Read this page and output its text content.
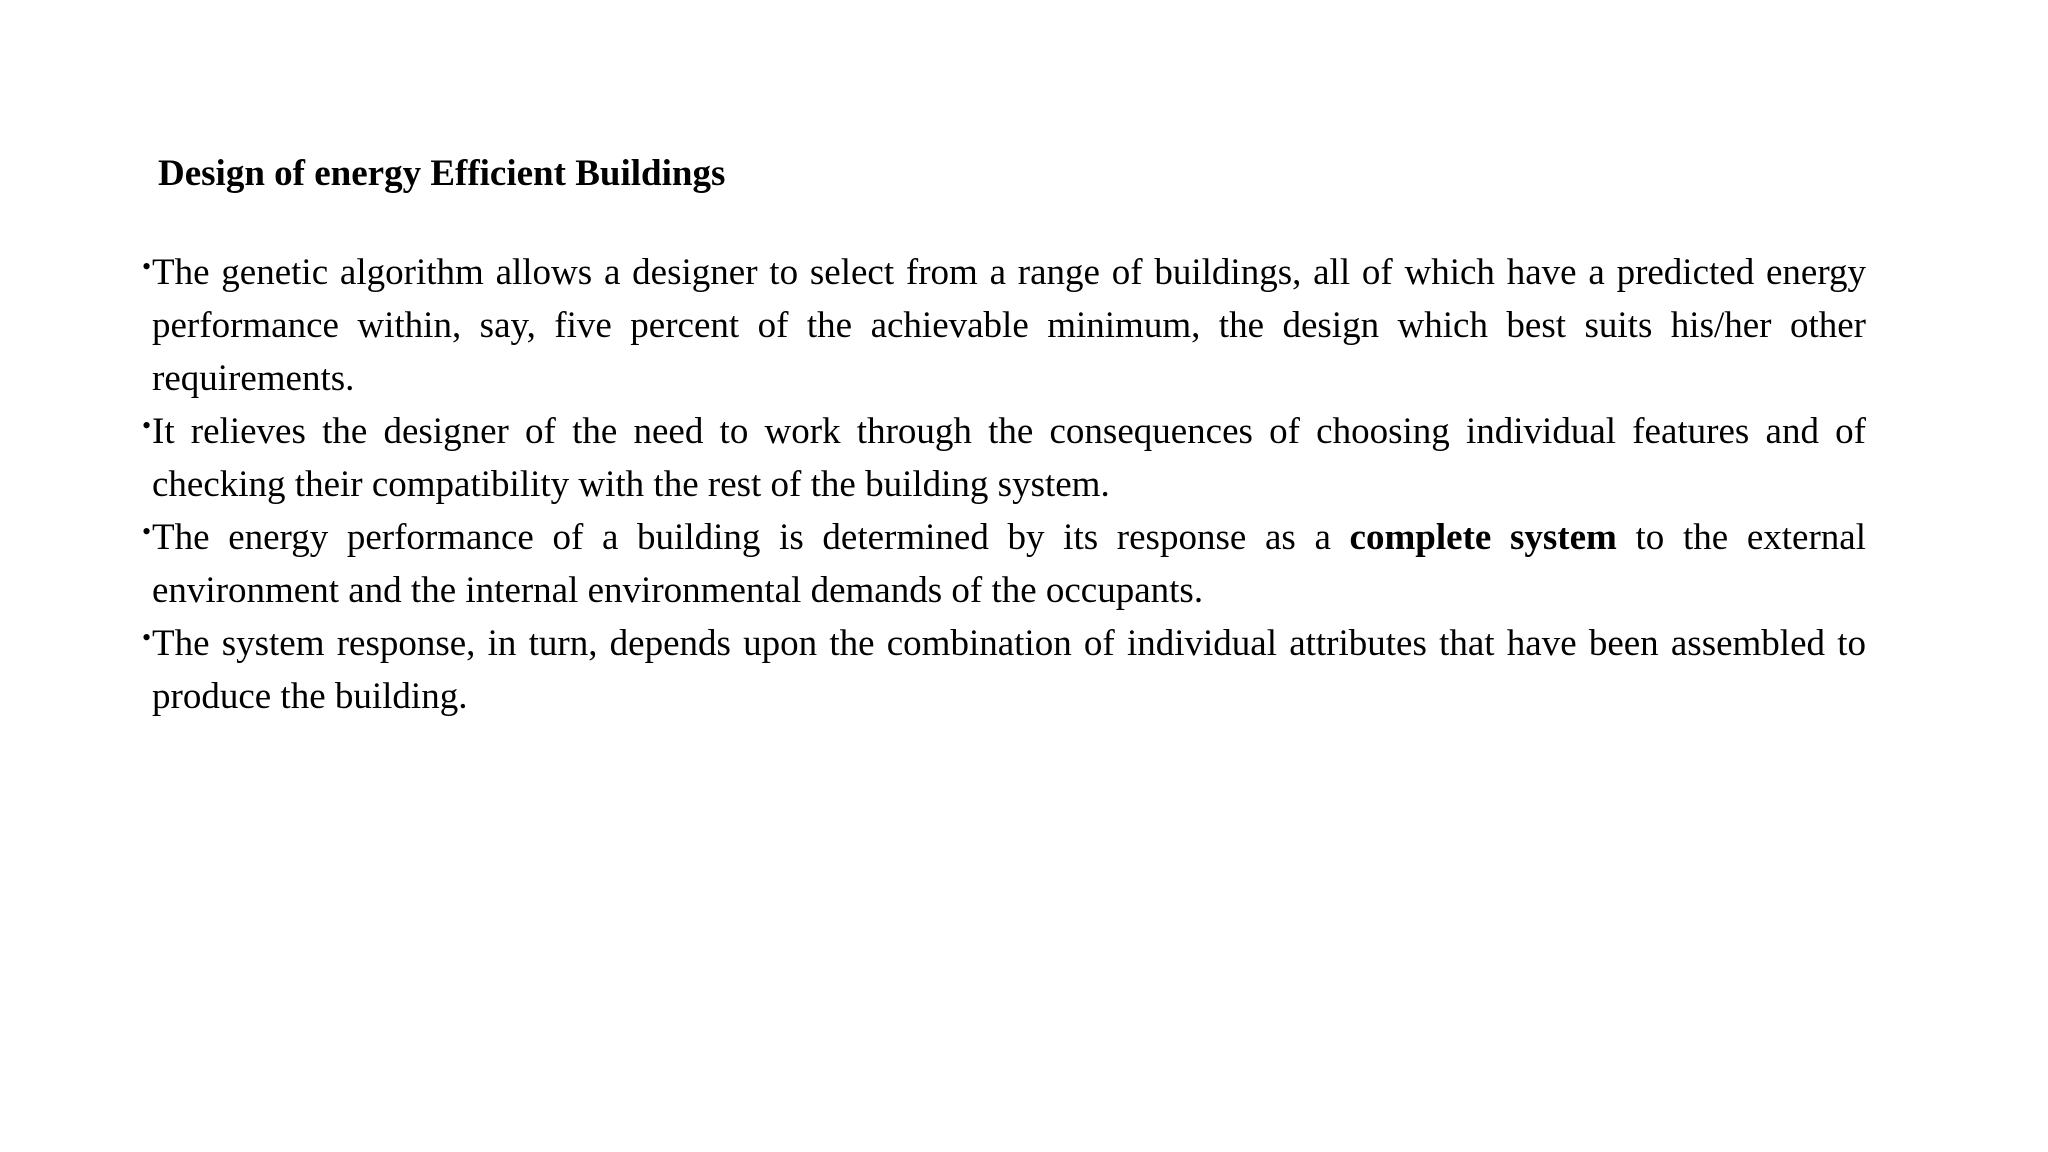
Design of energy Efficient Buildings
• The genetic algorithm allows a designer to select from a range of buildings, all of which have a predicted energy performance within, say, five percent of the achievable minimum, the design which best suits his/her other requirements.
• It relieves the designer of the need to work through the consequences of choosing individual features and of checking their compatibility with the rest of the building system.
• The energy performance of a building is determined by its response as a complete system to the external environment and the internal environmental demands of the occupants.
• The system response, in turn, depends upon the combination of individual attributes that have been assembled to produce the building.
